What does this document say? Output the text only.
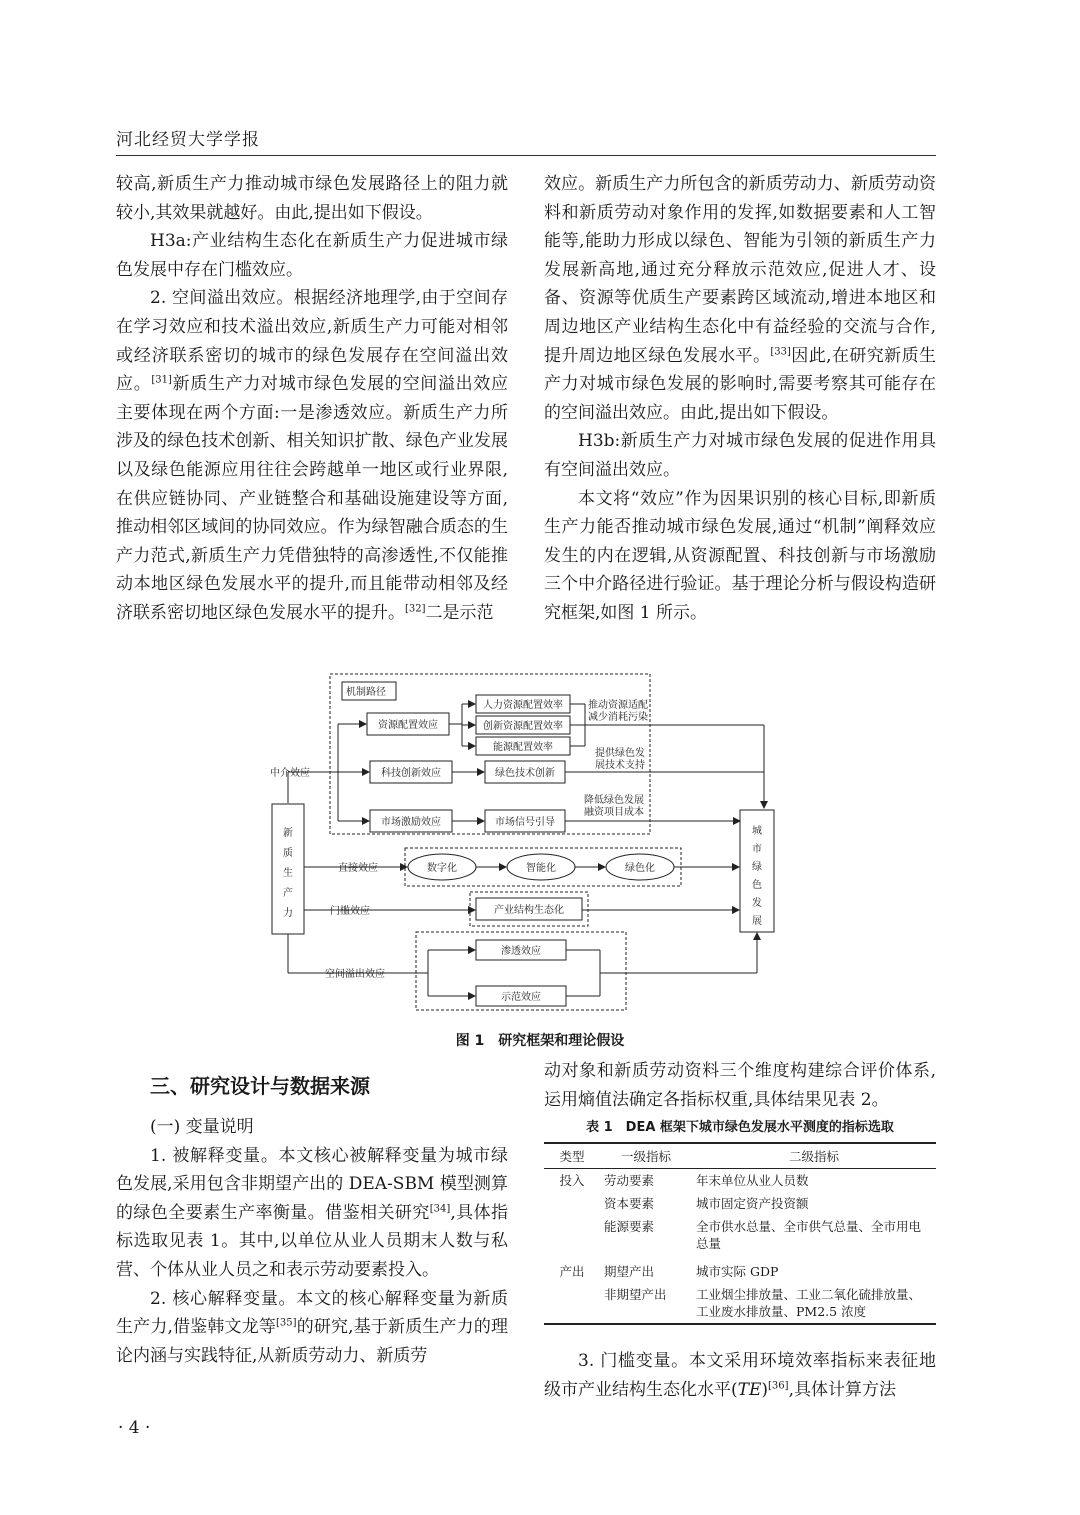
河北经贸大学学报

较高,新质生产力推动城市绿色发展路径上的阻力就较小,其效果就越好。由此,提出如下假设。

H3a:产业结构生态化在新质生产力促进城市绿色发展中存在门槛效应。

2. 空间溢出效应。根据经济地理学,由于空间存在学习效应和技术溢出效应,新质生产力可能对相邻或经济联系密切的城市的绿色发展存在空间溢出效应。[31]新质生产力对城市绿色发展的空间溢出效应主要体现在两个方面:一是渗透效应。新质生产力所涉及的绿色技术创新、相关知识扩散、绿色产业发展以及绿色能源应用往往会跨越单一地区或行业界限,在供应链协同、产业链整合和基础设施建设等方面,推动相邻区域间的协同效应。作为绿智融合质态的生产力范式,新质生产力凭借独特的高渗透性,不仅能推动本地区绿色发展水平的提升,而且能带动相邻及经济联系密切地区绿色发展水平的提升。[32]二是示范

效应。新质生产力所包含的新质劳动力、新质劳动资料和新质劳动对象作用的发挥,如数据要素和人工智能等,能助力形成以绿色、智能为引领的新质生产力发展新高地,通过充分释放示范效应,促进人才、设备、资源等优质生产要素跨区域流动,增进本地区和周边地区产业结构生态化中有益经验的交流与合作,提升周边地区绿色发展水平。[33]因此,在研究新质生产力对城市绿色发展的影响时,需要考察其可能存在的空间溢出效应。由此,提出如下假设。

H3b:新质生产力对城市绿色发展的促进作用具有空间溢出效应。

本文将“效应”作为因果识别的核心目标,即新质生产力能否推动城市绿色发展,通过“机制”阐释效应发生的内在逻辑,从资源配置、科技创新与市场激励三个中介路径进行验证。基于理论分析与假设构造研究框架,如图 1 所示。

机制路径
资源配置效应
人力资源配置效率
创新资源配置效率
能源配置效率
推动资源适配
减少消耗污染
科技创新效应	绿色技术创新
提供绿色发
展技术支持
市场激励效应	市场信号引导
降低绿色发展
融资项目成本
中介效应
新
质
生
产
力
城
市
绿
色
发
展
直接效应	数字化	智能化	绿色化
门槛效应	产业结构生态化
空间溢出效应
渗透效应
示范效应
图 1　研究框架和理论假设
三、研究设计与数据来源

(一) 变量说明

1. 被解释变量。本文核心被解释变量为城市绿色发展,采用包含非期望产出的 DEA-SBM 模型测算的绿色全要素生产率衡量。借鉴相关研究[34],具体指标选取见表 1。其中,以单位从业人员期末人数与私营、个体从业人员之和表示劳动要素投入。

2. 核心解释变量。本文的核心解释变量为新质生产力,借鉴韩文龙等[35]的研究,基于新质生产力的理论内涵与实践特征,从新质劳动力、新质劳

动对象和新质劳动资料三个维度构建综合评价体系,运用熵值法确定各指标权重,具体结果见表 2。

表 1　DEA 框架下城市绿色发展水平测度的指标选取
类型	一级指标	二级指标
投入	劳动要素	年末单位从业人员数
	资本要素	城市固定资产投资额
	能源要素	全市供水总量、全市供气总量、全市用电总量
产出	期望产出	城市实际 GDP
	非期望产出	工业烟尘排放量、工业二氧化硫排放量、工业废水排放量、PM2.5 浓度

3. 门槛变量。本文采用环境效率指标来表征地级市产业结构生态化水平(TE)[36],具体计算方法

· 4 ·
